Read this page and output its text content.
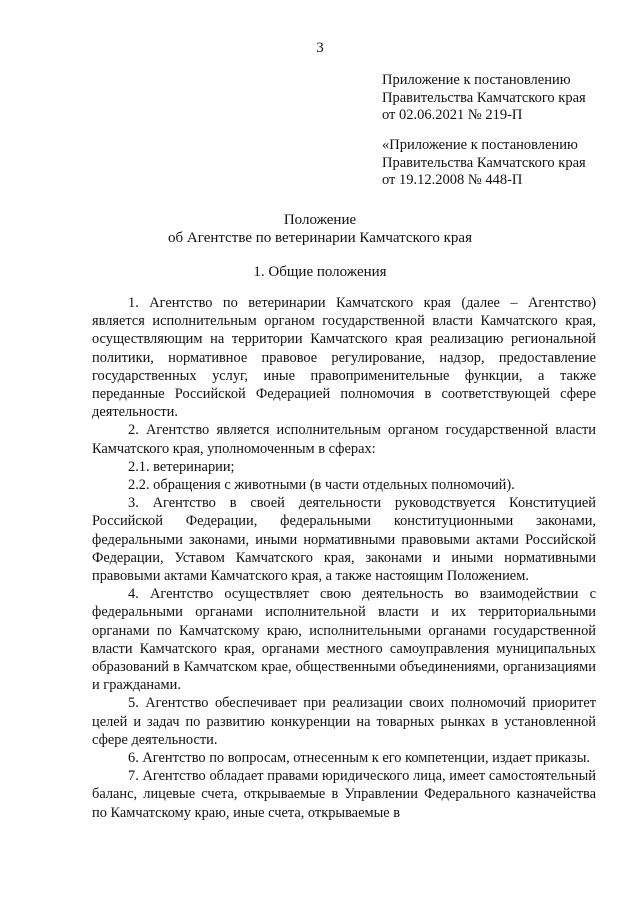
3
Приложение к постановлению
Правительства Камчатского края
от 02.06.2021 № 219-П
«Приложение к постановлению
Правительства Камчатского края
от 19.12.2008 № 448-П
Положение
об Агентстве по ветеринарии Камчатского края
1. Общие положения
1. Агентство по ветеринарии Камчатского края (далее – Агентство) является исполнительным органом государственной власти Камчатского края, осуществляющим на территории Камчатского края реализацию региональной политики, нормативное правовое регулирование, надзор, предоставление государственных услуг, иные правоприменительные функции, а также переданные Российской Федерацией полномочия в соответствующей сфере деятельности.
2. Агентство является исполнительным органом государственной власти Камчатского края, уполномоченным в сферах:
2.1. ветеринарии;
2.2. обращения с животными (в части отдельных полномочий).
3. Агентство в своей деятельности руководствуется Конституцией Российской Федерации, федеральными конституционными законами, федеральными законами, иными нормативными правовыми актами Российской Федерации, Уставом Камчатского края, законами и иными нормативными правовыми актами Камчатского края, а также настоящим Положением.
4. Агентство осуществляет свою деятельность во взаимодействии с федеральными органами исполнительной власти и их территориальными органами по Камчатскому краю, исполнительными органами государственной власти Камчатского края, органами местного самоуправления муниципальных образований в Камчатском крае, общественными объединениями, организациями и гражданами.
5. Агентство обеспечивает при реализации своих полномочий приоритет целей и задач по развитию конкуренции на товарных рынках в установленной сфере деятельности.
6. Агентство по вопросам, отнесенным к его компетенции, издает приказы.
7. Агентство обладает правами юридического лица, имеет самостоятельный баланс, лицевые счета, открываемые в Управлении Федерального казначейства по Камчатскому краю, иные счета, открываемые в
